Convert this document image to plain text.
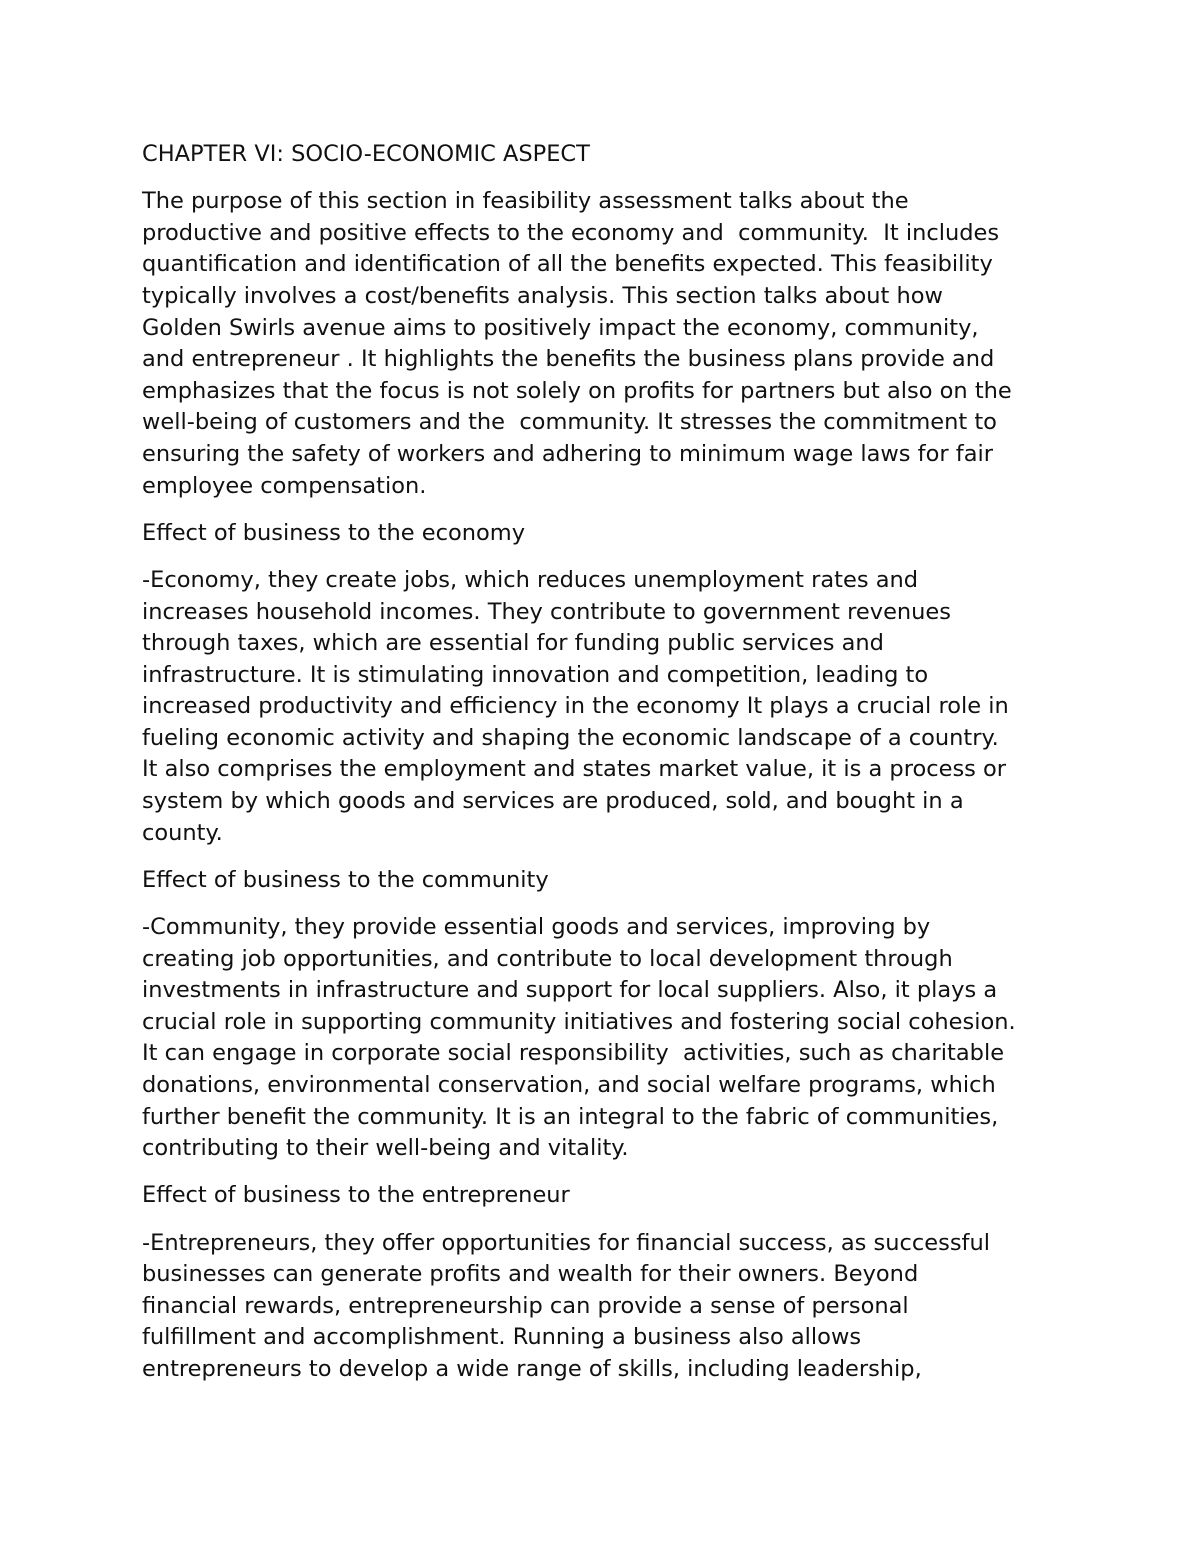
CHAPTER VI: SOCIO-ECONOMIC ASPECT
The purpose of this section in feasibility assessment talks about the
productive and positive effects to the economy and  community.  It includes
quantification and identification of all the benefits expected. This feasibility
typically involves a cost/benefits analysis. This section talks about how
Golden Swirls avenue aims to positively impact the economy, community,
and entrepreneur . It highlights the benefits the business plans provide and
emphasizes that the focus is not solely on profits for partners but also on the
well-being of customers and the  community. It stresses the commitment to
ensuring the safety of workers and adhering to minimum wage laws for fair
employee compensation.
Effect of business to the economy
-Economy, they create jobs, which reduces unemployment rates and
increases household incomes. They contribute to government revenues
through taxes, which are essential for funding public services and
infrastructure. It is stimulating innovation and competition, leading to
increased productivity and efficiency in the economy It plays a crucial role in
fueling economic activity and shaping the economic landscape of a country.
It also comprises the employment and states market value, it is a process or
system by which goods and services are produced, sold, and bought in a
county.
Effect of business to the community
-Community, they provide essential goods and services, improving by
creating job opportunities, and contribute to local development through
investments in infrastructure and support for local suppliers. Also, it plays a
crucial role in supporting community initiatives and fostering social cohesion.
It can engage in corporate social responsibility  activities, such as charitable
donations, environmental conservation, and social welfare programs, which
further benefit the community. It is an integral to the fabric of communities,
contributing to their well-being and vitality.
Effect of business to the entrepreneur
-Entrepreneurs, they offer opportunities for financial success, as successful
businesses can generate profits and wealth for their owners. Beyond
financial rewards, entrepreneurship can provide a sense of personal
fulfillment and accomplishment. Running a business also allows
entrepreneurs to develop a wide range of skills, including leadership,
